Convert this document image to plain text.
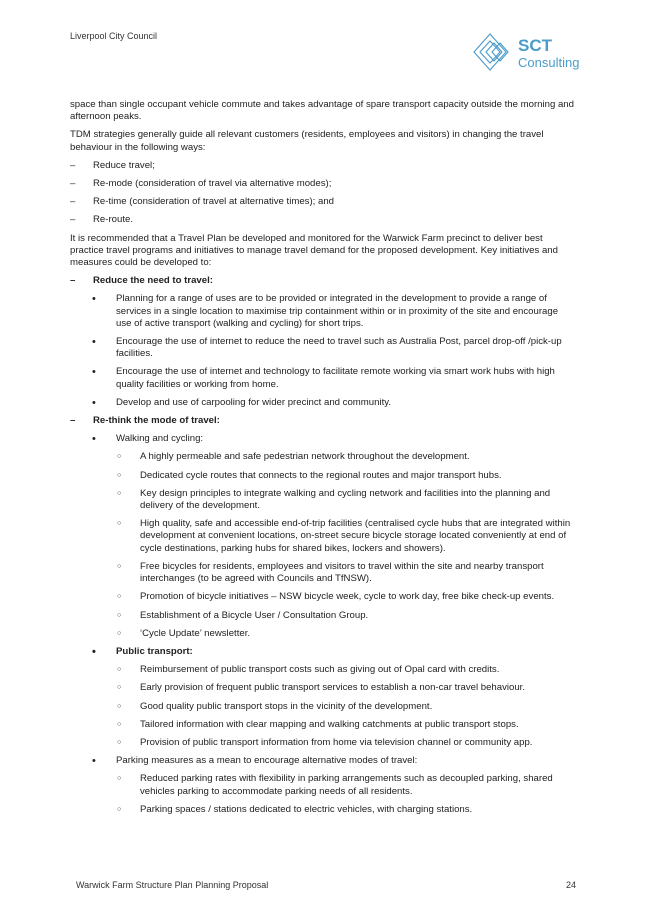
Liverpool City Council	SCT
Consulting

space than single occupant vehicle commute and takes advantage of spare transport capacity outside the morning and afternoon peaks.

TDM strategies generally guide all relevant customers (residents, employees and visitors) in changing the travel behaviour in the following ways:

– Reduce travel;
– Re-mode (consideration of travel via alternative modes);
– Re-time (consideration of travel at alternative times); and
– Re-route.

It is recommended that a Travel Plan be developed and monitored for the Warwick Farm precinct to deliver best practice travel programs and initiatives to manage travel demand for the proposed development. Key initiatives and measures could be developed to:

– Reduce the need to travel:
• Planning for a range of uses are to be provided or integrated in the development to provide a range of services in a single location to maximise trip containment within or in proximity of the site and encourage use of active transport (walking and cycling) for short trips.
• Encourage the use of internet to reduce the need to travel such as Australia Post, parcel drop-off /pick-up facilities.
• Encourage the use of internet and technology to facilitate remote working via smart work hubs with high quality facilities or working from home.
• Develop and use of carpooling for wider precinct and community.
– Re-think the mode of travel:
• Walking and cycling:
○ A highly permeable and safe pedestrian network throughout the development.
○ Dedicated cycle routes that connects to the regional routes and major transport hubs.
○ Key design principles to integrate walking and cycling network and facilities into the planning and delivery of the development.
○ High quality, safe and accessible end-of-trip facilities (centralised cycle hubs that are integrated within development at convenient locations, on-street secure bicycle storage located conveniently at end of cycle destinations, parking hubs for shared bikes, lockers and showers).
○ Free bicycles for residents, employees and visitors to travel within the site and nearby transport interchanges (to be agreed with Councils and TfNSW).
○ Promotion of bicycle initiatives – NSW bicycle week, cycle to work day, free bike check-up events.
○ Establishment of a Bicycle User / Consultation Group.
○ ‘Cycle Update’ newsletter.
• Public transport:
○ Reimbursement of public transport costs such as giving out of Opal card with credits.
○ Early provision of frequent public transport services to establish a non-car travel behaviour.
○ Good quality public transport stops in the vicinity of the development.
○ Tailored information with clear mapping and walking catchments at public transport stops.
○ Provision of public transport information from home via television channel or community app.
• Parking measures as a mean to encourage alternative modes of travel:
○ Reduced parking rates with flexibility in parking arrangements such as decoupled parking, shared vehicles parking to accommodate parking needs of all residents.
○ Parking spaces / stations dedicated to electric vehicles, with charging stations.
Warwick Farm Structure Plan Planning Proposal	24
